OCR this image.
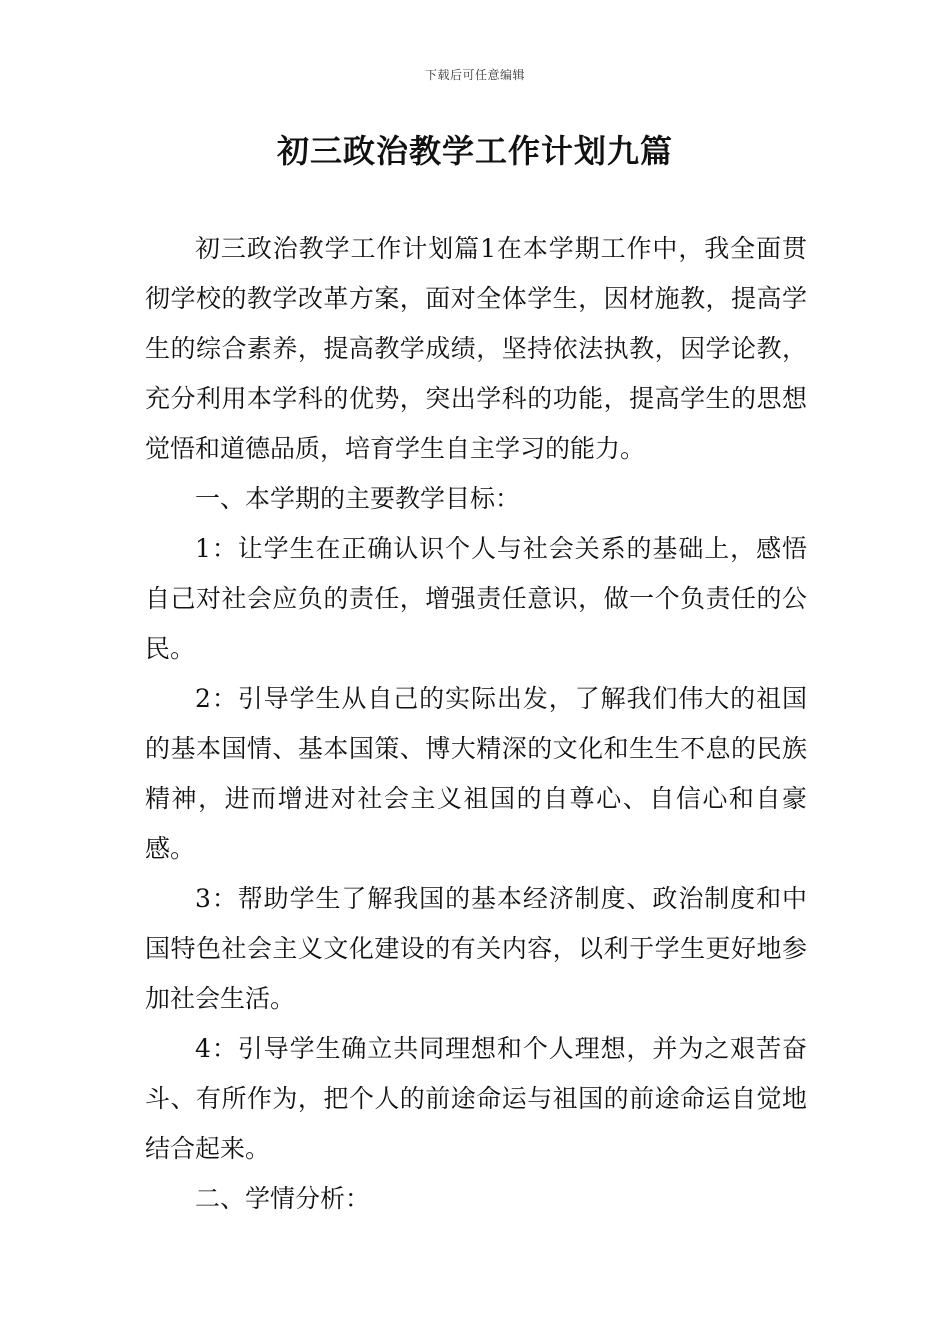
下载后可任意编辑
初三政治教学工作计划九篇

初三政治教学工作计划篇1在本学期工作中，我全面贯彻学校的教学改革方案，面对全体学生，因材施教，提高学生的综合素养，提高教学成绩，坚持依法执教，因学论教，充分利用本学科的优势，突出学科的功能，提高学生的思想觉悟和道德品质，培育学生自主学习的能力。

一、本学期的主要教学目标：

1：让学生在正确认识个人与社会关系的基础上，感悟自己对社会应负的责任，增强责任意识，做一个负责任的公民。

2：引导学生从自己的实际出发，了解我们伟大的祖国的基本国情、基本国策、博大精深的文化和生生不息的民族精神，进而增进对社会主义祖国的自尊心、自信心和自豪感。

3：帮助学生了解我国的基本经济制度、政治制度和中国特色社会主义文化建设的有关内容，以利于学生更好地参加社会生活。

4：引导学生确立共同理想和个人理想，并为之艰苦奋斗、有所作为，把个人的前途命运与祖国的前途命运自觉地结合起来。

二、学情分析：
